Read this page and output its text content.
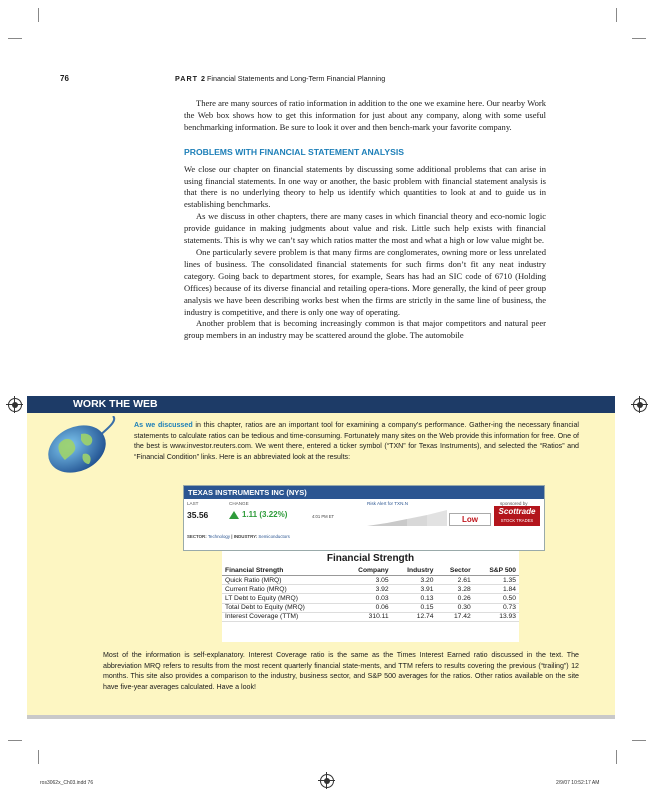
76	PART 2 Financial Statements and Long-Term Financial Planning

There are many sources of ratio information in addition to the one we examine here. Our nearby Work the Web box shows how to get this information for just about any company, along with some useful benchmarking information. Be sure to look it over and then bench-mark your favorite company.

PROBLEMS WITH FINANCIAL STATEMENT ANALYSIS

We close our chapter on financial statements by discussing some additional problems that can arise in using financial statements. In one way or another, the basic problem with financial statement analysis is that there is no underlying theory to help us identify which quantities to look at and to guide us in establishing benchmarks.

As we discuss in other chapters, there are many cases in which financial theory and eco-nomic logic provide guidance in making judgments about value and risk. Little such help exists with financial statements. This is why we can’t say which ratios matter the most and what a high or low value might be.

One particularly severe problem is that many firms are conglomerates, owning more or less unrelated lines of business. The consolidated financial statements for such firms don’t fit any neat industry category. Going back to department stores, for example, Sears has had an SIC code of 6710 (Holding Offices) because of its diverse financial and retailing opera-tions. More generally, the kind of peer group analysis we have been describing works best when the firms are strictly in the same line of business, the industry is competitive, and there is only one way of operating.

Another problem that is becoming increasingly common is that major competitors and natural peer group members in an industry may be scattered around the globe. The automobile

WORK THE WEB
As we discussed in this chapter, ratios are an important tool for examining a company’s performance. Gather-ing the necessary financial statements to calculate ratios can be tedious and time-consuming. Fortunately many sites on the Web provide this information for free. One of the best is www.investor.reuters.com. We went there, entered a ticker symbol (“TXN” for Texas Instruments), and selected the “Ratios” and “Financial Condition” links. Here is an abbreviated look at the results:
Most of the information is self-explanatory. Interest Coverage ratio is the same as the Times Interest Earned ratio discussed in the text. The abbreviation MRQ refers to results from the most recent quarterly financial state-ments, and TTM refers to results covering the previous (“trailing”) 12 months. This site also provides a comparison to the industry, business sector, and S&P 500 averages for the ratios. Other ratios available on the site have five-year averages calculated. Have a look!
TEXAS INSTRUMENTS INC (NYS)
LAST	CHANGE	Risk Alert for TXN.N	sponsored by
35.56	1.11 (3.22%)	4:01 PM ET	Low
Scottrade
STOCK TRADES
SECTOR: Technology | INDUSTRY: Semiconductors
Financial Strength
Financial Strength	Company	Industry	Sector	S&P 500
Quick Ratio (MRQ)	3.05	3.20	2.61	1.35
Current Ratio (MRQ)	3.92	3.91	3.28	1.84
LT Debt to Equity (MRQ)	0.03	0.13	0.26	0.50
Total Debt to Equity (MRQ)	0.06	0.15	0.30	0.73
Interest Coverage (TTM)	310.11	12.74	17.42	13.93
ros3062x_Ch03.indd 76	2/9/07 10:52:17 AM
